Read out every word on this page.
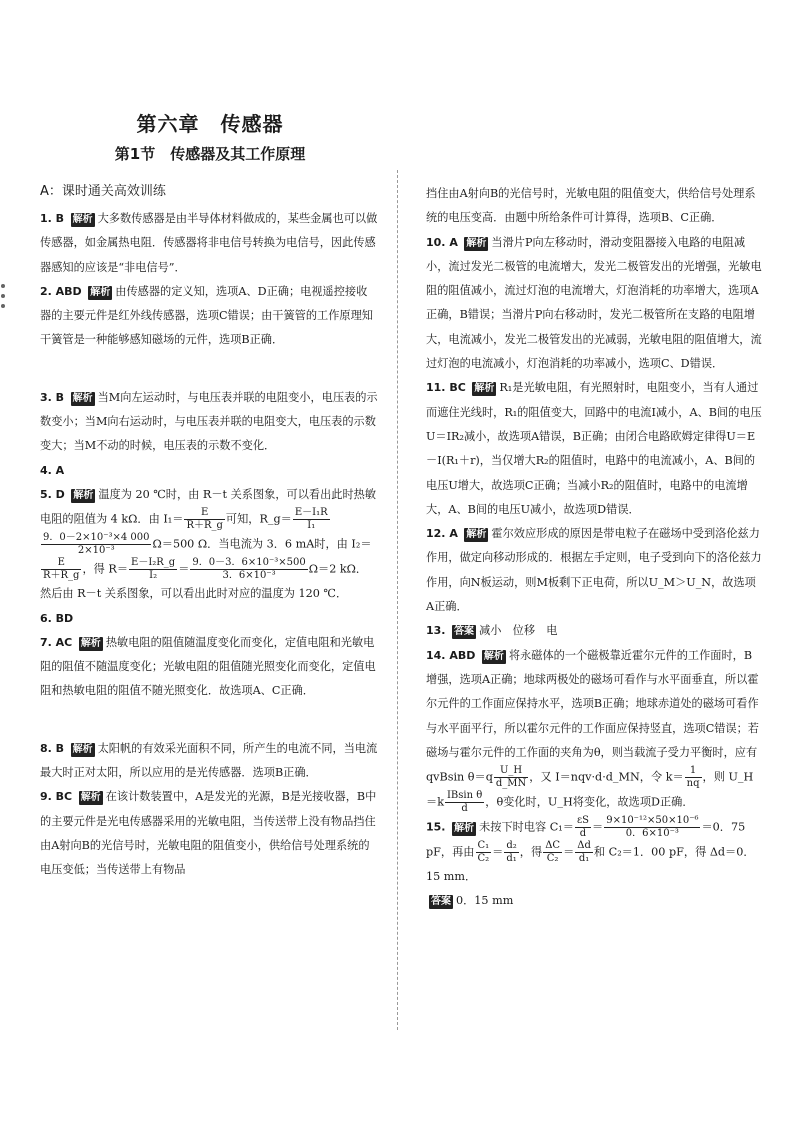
第六章　传感器
第1节　传感器及其工作原理
A：课时通关高效训练

1. B 解析 大多数传感器是由半导体材料做成的，某些金属也可以做传感器，如金属热电阻．传感器将非电信号转换为电信号，因此传感器感知的应该是“非电信号”．

2. ABD 解析 由传感器的定义知，选项A、D正确；电视遥控接收器的主要元件是红外线传感器，选项C错误；由干簧管的工作原理知干簧管是一种能够感知磁场的元件，选项B正确．

3. B 解析 当M向左运动时，与电压表并联的电阻变小，电压表的示数变小；当M向右运动时，与电压表并联的电阻变大，电压表的示数变大；当M不动的时候，电压表的示数不变化．

4. A

5. D 解析 温度为 20 ℃时，由 R－t 关系图象，可以看出此时热敏电阻的阻值为 4 kΩ．由 $I_1= \frac{E}{R+R\_g}$ 可知，R_g＝ $\frac{\text{E－I₁R}}{\text{I₁}}$
$\frac{\text{9．0－2×10⁻³×4 000}}{\text{2×10⁻³}} \Omega=500$ Ω．当电流为 3．6 mA时，由 I₂＝
$\frac{E}{R+R\_g}$ ，得 $R= \frac{\text{E－I₂R\_g}}{\text{I₂}} = \frac{\text{9．0－3．6×10⁻³×500}}{\text{3．6×10⁻³}} \Omega=2$ kΩ．然后由 R－t 关系图象，可以看出此时对应的温度为 120 ℃．

6. BD

7. AC 解析 热敏电阻的阻值随温度变化而变化，定值电阻和光敏电阻的阻值不随温度变化；光敏电阻的阻值随光照变化而变化，定值电阻和热敏电阻的阻值不随光照变化．故选项A、C正确．

8. B 解析 太阳帆的有效采光面积不同，所产生的电流不同，当电流最大时正对太阳，所以应用的是光传感器．选项B正确．

9. BC 解析 在该计数装置中，A是发光的光源，B是光接收器，B中的主要元件是光电传感器采用的光敏电阻，当传送带上没有物品挡住由A射向B的光信号时，光敏电阻的阻值变小，供给信号处理系统的电压变低；当传送带上有物品

挡住由A射向B的光信号时，光敏电阻的阻值变大，供给信号处理系统的电压变高．由题中所给条件可计算得，选项B、C正确．

10. A 解析 当滑片P向左移动时，滑动变阻器接入电路的电阻减小，流过发光二极管的电流增大，发光二极管发出的光增强，光敏电阻的阻值减小，流过灯泡的电流增大，灯泡消耗的功率增大，选项A正确，B错误；当滑片P向右移动时，发光二极管所在支路的电阻增大，电流减小，发光二极管发出的光减弱，光敏电阻的阻值增大，流过灯泡的电流减小，灯泡消耗的功率减小，选项C、D错误．

11. BC 解析 R₁是光敏电阻，有光照射时，电阻变小，当有人通过而遮住光线时，R₁的阻值变大，回路中的电流I减小，A、B间的电压U＝IR₂减小，故选项A错误，B正确；由闭合电路欧姆定律得U＝E－I(R₁＋r)，当仅增大R₂的阻值时，电路中的电流减小，A、B间的电压U增大，故选项C正确；当减小R₂的阻值时，电路中的电流增大，A、B间的电压U减小，故选项D错误．

12. A 解析 霍尔效应形成的原因是带电粒子在磁场中受到洛伦兹力作用，做定向移动形成的．根据左手定则，电子受到向下的洛伦兹力作用，向N板运动，则M板剩下正电荷，所以U_M＞U_N，故选项A正确．

13. 答案 减小　位移　电

14. ABD 解析 将永磁体的一个磁极靠近霍尔元件的工作面时，B增强，选项A正确；地球两极处的磁场可看作与水平面垂直，所以霍尔元件的工作面应保持水平，选项B正确；地球赤道处的磁场可看作与水平面平行，所以霍尔元件的工作面应保持竖直，选项C错误；若磁场与霍尔元件的工作面的夹角为θ，则当载流子受力平衡时，应有 qvBsin $\theta=q \frac{U\_H}{d\_MN}$ ，又 I＝nqv·d·d_MN，令 $k= \frac{1}{nq}$ ，则 U_H＝k $\frac{\text{IBsin θ}}{d}$ ，θ变化时，U_H将变化，故选项D正确．

15. 解析 未按下时电容 $C_1= \frac{\varepsilon S}{d} = \frac{\text{9×10⁻¹²×50×10⁻⁶}}{\text{0．6×10⁻³}} =0$．75 pF，再由 $\frac{\text{C₁}}{\text{C₂}} = \frac{\text{d₂}}{\text{d₁}}$ ，得 $\frac{\Delta C}{\text{C₂}} = \frac{\Delta d}{\text{d₁}}$ 和 C₂＝1．00 pF，得 Δd＝0．15 mm．

答案 0．15 mm
